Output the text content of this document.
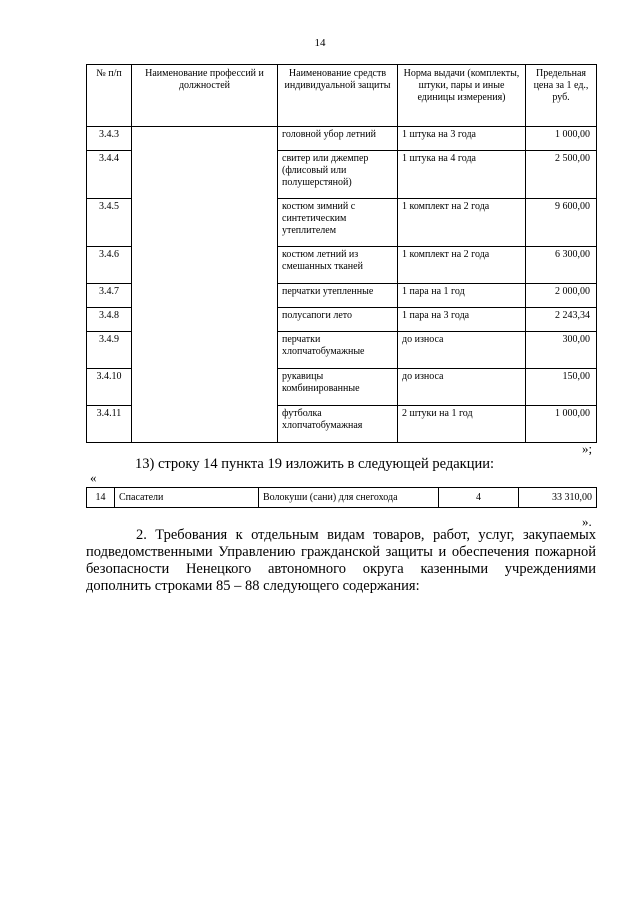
14
№ п/п	Наименование профессий и должностей	Наименование средств индивидуальной защиты	Норма выдачи (комплекты, штуки, пары и иные единицы измерения)	Предельная цена за 1 ед., руб.
3.4.3		головной убор летний	1 штука на 3 года	1 000,00
3.4.4		свитер или джемпер (флисовый или полушерстяной)	1 штука на 4 года	2 500,00
3.4.5		костюм зимний с синтетическим утеплителем	1 комплект на 2 года	9 600,00
3.4.6		костюм летний из смешанных тканей	1 комплект на 2 года	6 300,00
3.4.7		перчатки утепленные	1 пара на 1 год	2 000,00
3.4.8		полусапоги лето	1 пара на 3 года	2 243,34
3.4.9		перчатки хлопчатобумажные	до износа	300,00
3.4.10		рукавицы комбинированные	до износа	150,00
3.4.11		футболка хлопчатобумажная	2 штуки на 1 год	1 000,00
»;
13) строку 14 пункта 19 изложить в следующей редакции:
«
14	Спасатели	Волокуши (сани) для снегохода	4	33 310,00
».

2. Требования к отдельным видам товаров, работ, услуг, закупаемых подведомственными Управлению гражданской защиты и обеспечения пожарной безопасности Ненецкого автономного округа казенными учреждениями дополнить строками 85 – 88 следующего содержания:
